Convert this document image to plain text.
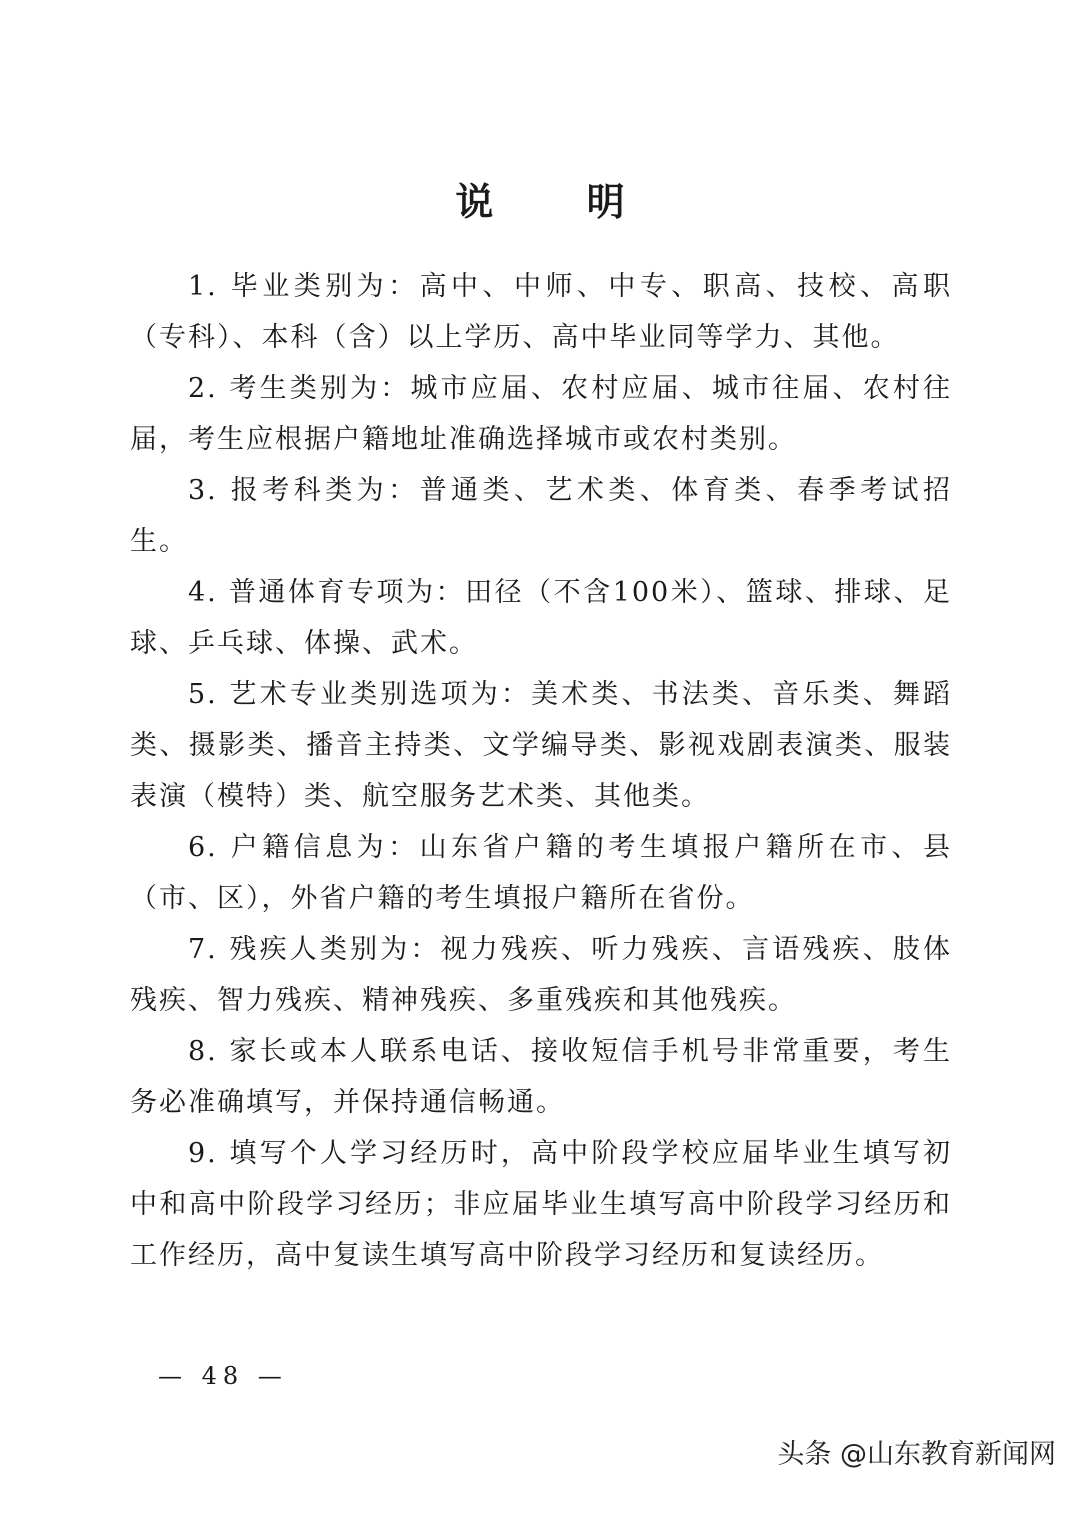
说 明

1. 毕业类别为：高中、中师、中专、职高、技校、高职（专科）、本科（含）以上学历、高中毕业同等学力、其他。

2. 考生类别为：城市应届、农村应届、城市往届、农村往届，考生应根据户籍地址准确选择城市或农村类别。

3. 报考科类为：普通类、艺术类、体育类、春季考试招生。

4. 普通体育专项为：田径（不含100米）、篮球、排球、足球、乒乓球、体操、武术。

5. 艺术专业类别选项为：美术类、书法类、音乐类、舞蹈类、摄影类、播音主持类、文学编导类、影视戏剧表演类、服装表演（模特）类、航空服务艺术类、其他类。

6. 户籍信息为：山东省户籍的考生填报户籍所在市、县（市、区），外省户籍的考生填报户籍所在省份。

7. 残疾人类别为：视力残疾、听力残疾、言语残疾、肢体残疾、智力残疾、精神残疾、多重残疾和其他残疾。

8. 家长或本人联系电话、接收短信手机号非常重要，考生务必准确填写，并保持通信畅通。

9. 填写个人学习经历时，高中阶段学校应届毕业生填写初中和高中阶段学习经历；非应届毕业生填写高中阶段学习经历和工作经历，高中复读生填写高中阶段学习经历和复读经历。

— 48 —
头条 @山东教育新闻网
